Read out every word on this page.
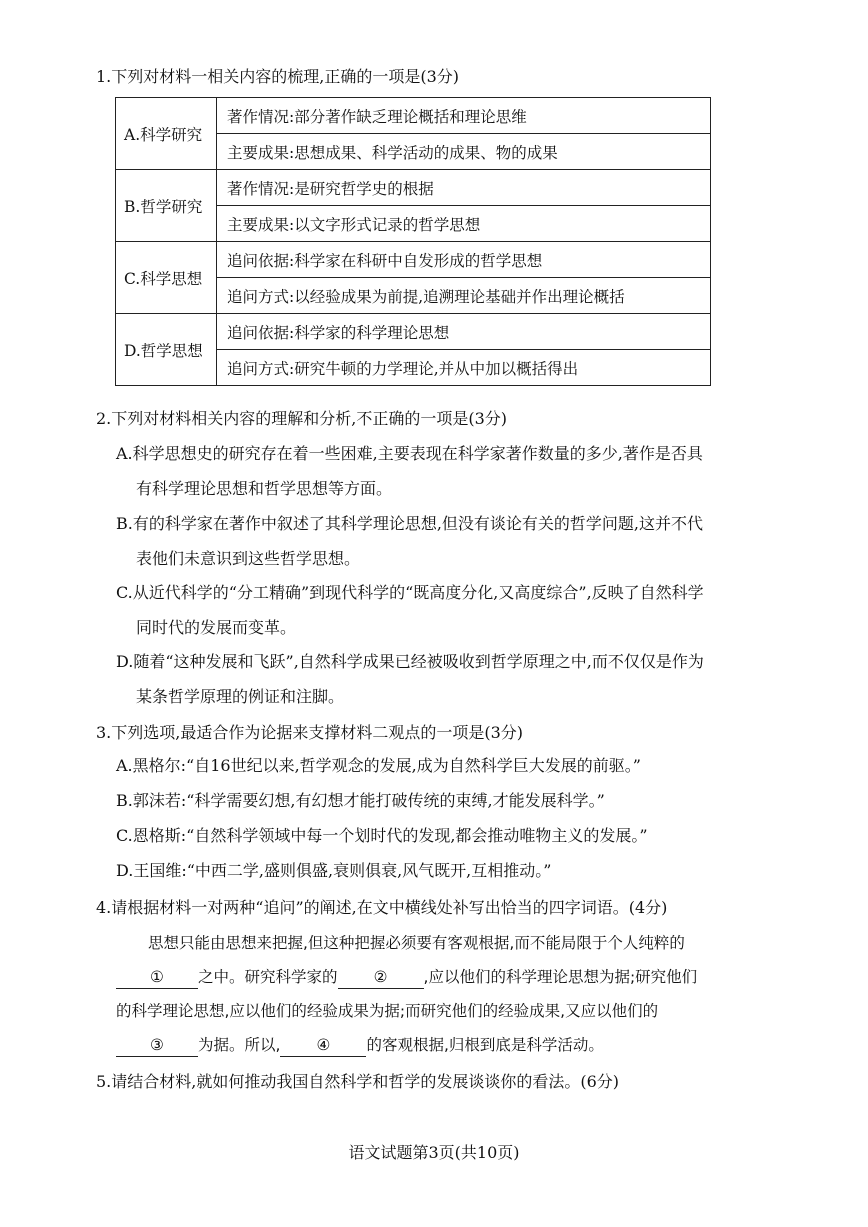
1.下列对材料一相关内容的梳理,正确的一项是(3分)
A.科学研究	著作情况:部分著作缺乏理论概括和理论思维
	主要成果:思想成果、科学活动的成果、物的成果
B.哲学研究	著作情况:是研究哲学史的根据
	主要成果:以文字形式记录的哲学思想
C.科学思想	追问依据:科学家在科研中自发形成的哲学思想
	追问方式:以经验成果为前提,追溯理论基础并作出理论概括
D.哲学思想	追问依据:科学家的科学理论思想
	追问方式:研究牛顿的力学理论,并从中加以概括得出
2.下列对材料相关内容的理解和分析,不正确的一项是(3分)
A.科学思想史的研究存在着一些困难,主要表现在科学家著作数量的多少,著作是否具
有科学理论思想和哲学思想等方面。
B.有的科学家在著作中叙述了其科学理论思想,但没有谈论有关的哲学问题,这并不代
表他们未意识到这些哲学思想。
C.从近代科学的“分工精确”到现代科学的“既高度分化,又高度综合”,反映了自然科学
同时代的发展而变革。
D.随着“这种发展和飞跃”,自然科学成果已经被吸收到哲学原理之中,而不仅仅是作为
某条哲学原理的例证和注脚。
3.下列选项,最适合作为论据来支撑材料二观点的一项是(3分)
A.黑格尔:“自16世纪以来,哲学观念的发展,成为自然科学巨大发展的前驱。”
B.郭沫若:“科学需要幻想,有幻想才能打破传统的束缚,才能发展科学。”
C.恩格斯:“自然科学领域中每一个划时代的发现,都会推动唯物主义的发展。”
D.王国维:“中西二学,盛则俱盛,衰则俱衰,风气既开,互相推动。”
4.请根据材料一对两种“追问”的阐述,在文中横线处补写出恰当的四字词语。(4分)
思想只能由思想来把握,但这种把握必须要有客观根据,而不能局限于个人纯粹的
① 之中。研究科学家的 ② ,应以他们的科学理论思想为据;研究他们
的科学理论思想,应以他们的经验成果为据;而研究他们的经验成果,又应以他们的
③ 为据。所以, ④ 的客观根据,归根到底是科学活动。
5.请结合材料,就如何推动我国自然科学和哲学的发展谈谈你的看法。(6分)
语文试题第3页(共10页)
